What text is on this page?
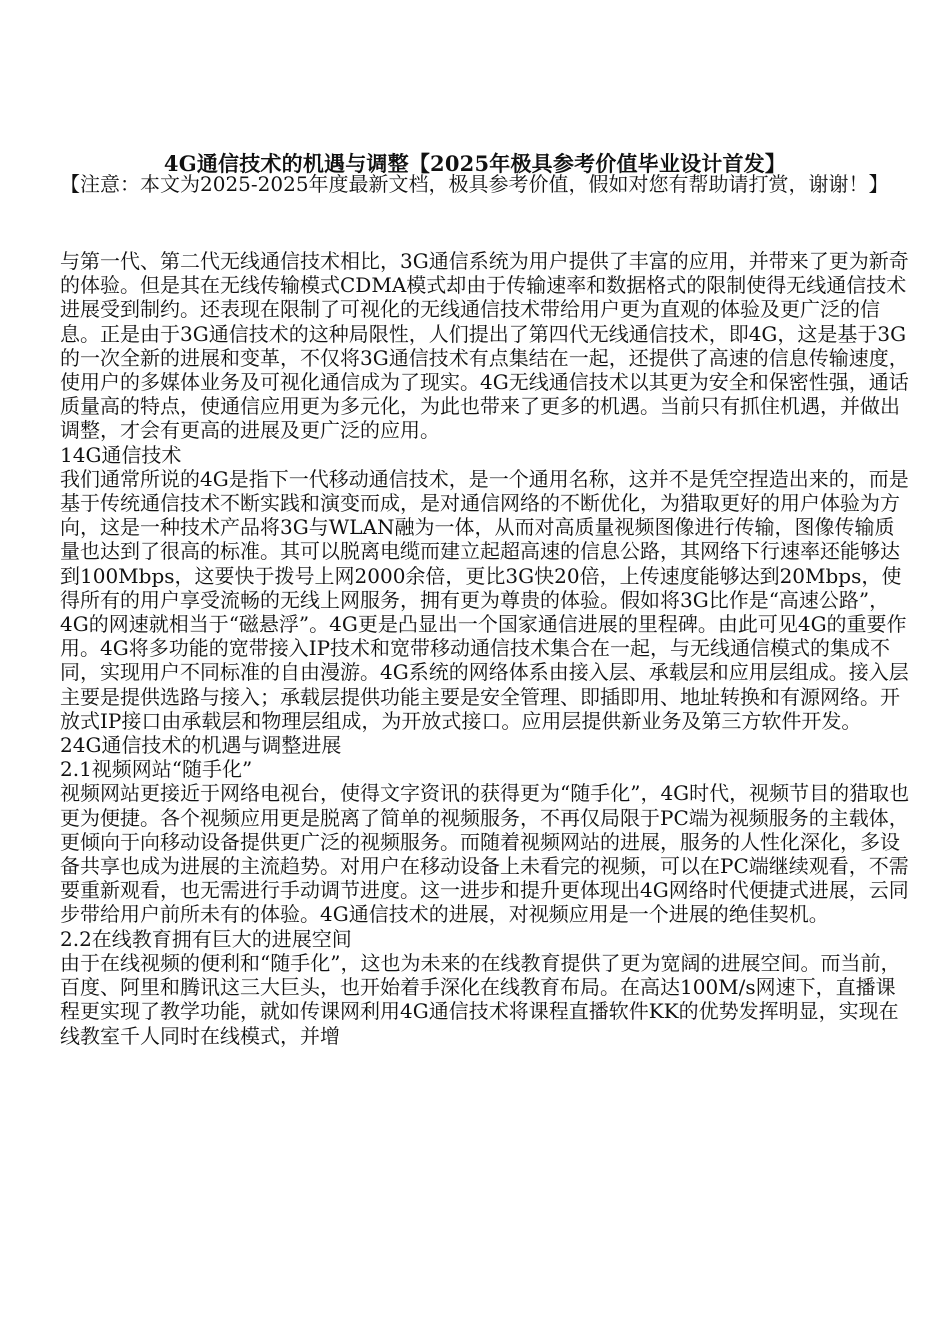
4G通信技术的机遇与调整【2025年极具参考价值毕业设计首发】
【注意：本文为2025-2025年度最新文档，极具参考价值，假如对您有帮助请打赏，谢谢！】

与第一代、第二代无线通信技术相比，3G通信系统为用户提供了丰富的应用，并带来了更为新奇的体验。但是其在无线传输模式CDMA模式却由于传输速率和数据格式的限制使得无线通信技术进展受到制约。还表现在限制了可视化的无线通信技术带给用户更为直观的体验及更广泛的信息。正是由于3G通信技术的这种局限性，人们提出了第四代无线通信技术，即4G，这是基于3G的一次全新的进展和变革，不仅将3G通信技术有点集结在一起，还提供了高速的信息传输速度，使用户的多媒体业务及可视化通信成为了现实。4G无线通信技术以其更为安全和保密性强，通话质量高的特点，使通信应用更为多元化，为此也带来了更多的机遇。当前只有抓住机遇，并做出调整，才会有更高的进展及更广泛的应用。

14G通信技术

我们通常所说的4G是指下一代移动通信技术，是一个通用名称，这并不是凭空捏造出来的，而是基于传统通信技术不断实践和演变而成，是对通信网络的不断优化，为猎取更好的用户体验为方向，这是一种技术产品将3G与WLAN融为一体，从而对高质量视频图像进行传输，图像传输质量也达到了很高的标准。其可以脱离电缆而建立起超高速的信息公路，其网络下行速率还能够达到100Mbps，这要快于拨号上网2000余倍，更比3G快20倍，上传速度能够达到20Mbps，使得所有的用户享受流畅的无线上网服务，拥有更为尊贵的体验。假如将3G比作是“高速公路”，4G的网速就相当于“磁悬浮”。4G更是凸显出一个国家通信进展的里程碑。由此可见4G的重要作用。4G将多功能的宽带接入IP技术和宽带移动通信技术集合在一起，与无线通信模式的集成不同，实现用户不同标准的自由漫游。4G系统的网络体系由接入层、承载层和应用层组成。接入层主要是提供选路与接入；承载层提供功能主要是安全管理、即插即用、地址转换和有源网络。开放式IP接口由承载层和物理层组成，为开放式接口。应用层提供新业务及第三方软件开发。

24G通信技术的机遇与调整进展
2.1视频网站“随手化”

视频网站更接近于网络电视台，使得文字资讯的获得更为“随手化”，4G时代，视频节目的猎取也更为便捷。各个视频应用更是脱离了简单的视频服务，不再仅局限于PC端为视频服务的主载体，更倾向于向移动设备提供更广泛的视频服务。而随着视频网站的进展，服务的人性化深化，多设备共享也成为进展的主流趋势。对用户在移动设备上未看完的视频，可以在PC端继续观看，不需要重新观看，也无需进行手动调节进度。这一进步和提升更体现出4G网络时代便捷式进展，云同步带给用户前所未有的体验。4G通信技术的进展，对视频应用是一个进展的绝佳契机。

2.2在线教育拥有巨大的进展空间

由于在线视频的便利和“随手化”，这也为未来的在线教育提供了更为宽阔的进展空间。而当前，百度、阿里和腾讯这三大巨头，也开始着手深化在线教育布局。在高达100M/s网速下，直播课程更实现了教学功能，就如传课网利用4G通信技术将课程直播软件KK的优势发挥明显，实现在线教室千人同时在线模式，并增
